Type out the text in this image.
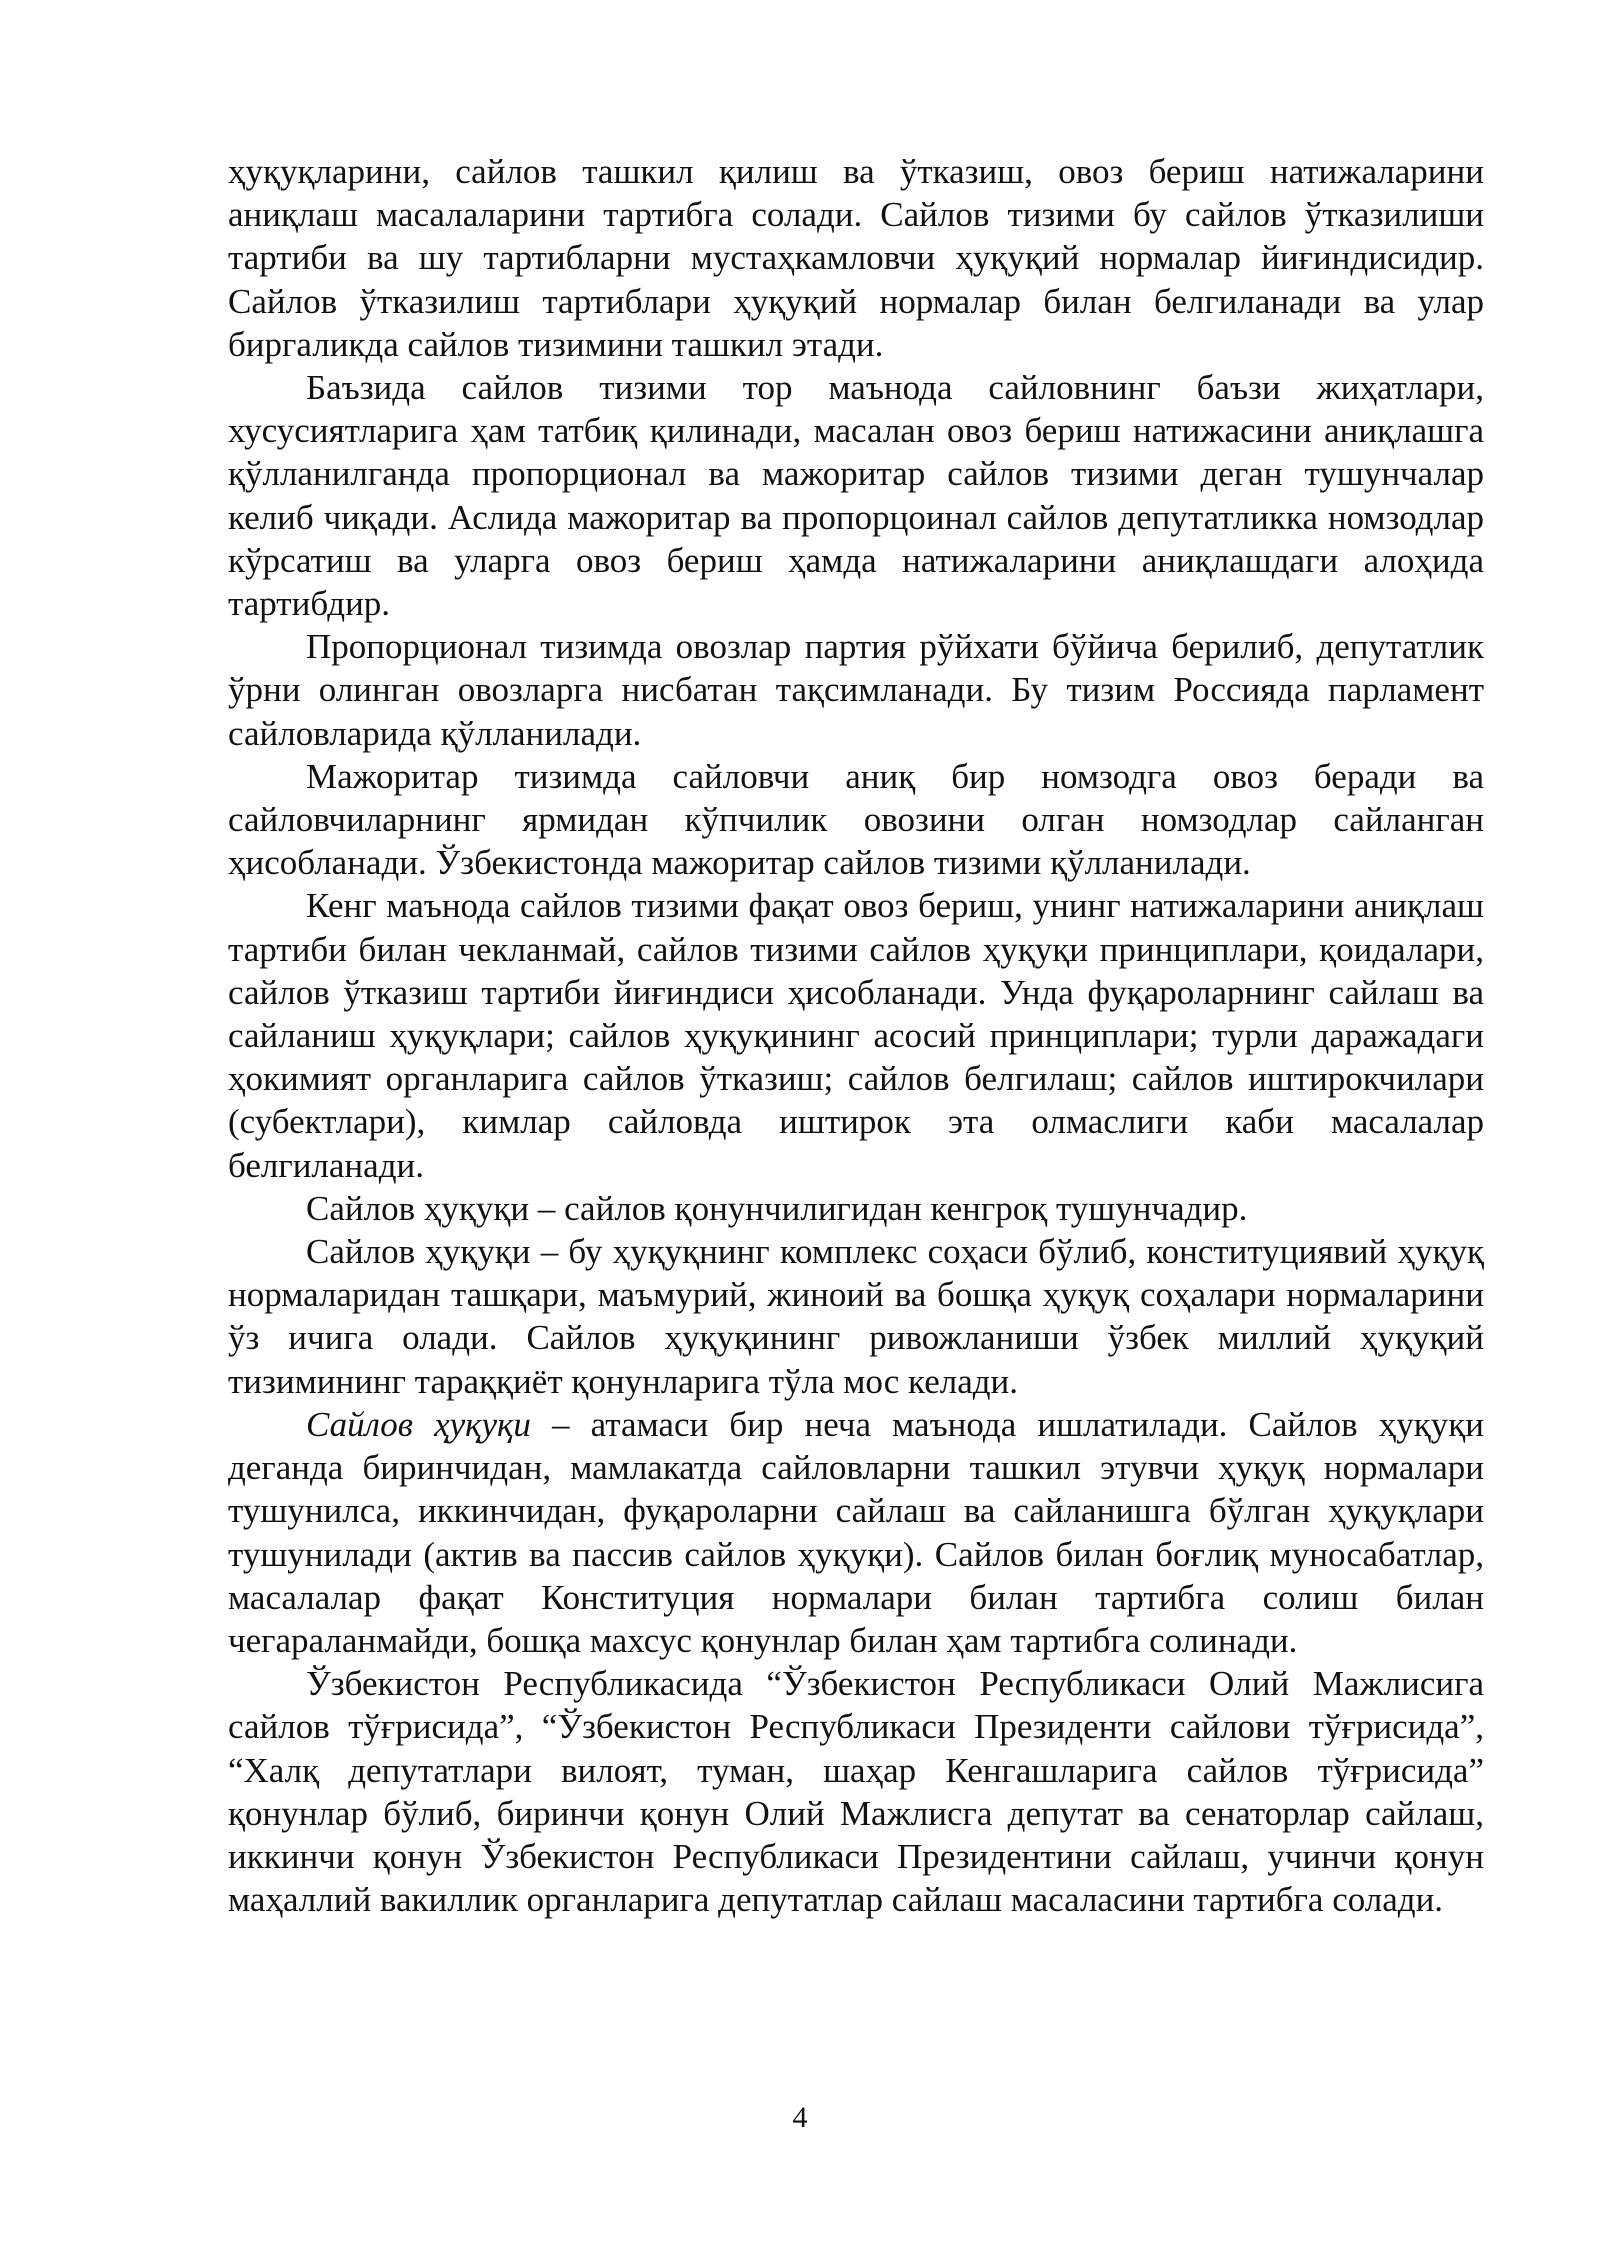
ҳуқуқларини, сайлов ташкил қилиш ва ўтказиш, овоз бериш натижаларини аниқлаш масалаларини тартибга солади. Сайлов тизими бу сайлов ўтказилиши тартиби ва шу тартибларни мустаҳкамловчи ҳуқуқий нормалар йиғиндисидир. Сайлов ўтказилиш тартиблари ҳуқуқий нормалар билан белгиланади ва улар биргаликда сайлов тизимини ташкил этади.

Баъзида сайлов тизими тор маънода сайловнинг баъзи жиҳатлари, хусусиятларига ҳам татбиқ қилинади, масалан овоз бериш натижасини аниқлашга қўлланилганда пропорционал ва мажоритар сайлов тизими деган тушунчалар келиб чиқади. Аслида мажоритар ва пропорцоинал сайлов депутатликка номзодлар кўрсатиш ва уларга овоз бериш ҳамда натижаларини аниқлашдаги алоҳида тартибдир.

Пропорционал тизимда овозлар партия рўйхати бўйича берилиб, депутатлик ўрни олинган овозларга нисбатан тақсимланади. Бу тизим Россияда парламент сайловларида қўлланилади.

Мажоритар тизимда сайловчи аниқ бир номзодга овоз беради ва сайловчиларнинг ярмидан кўпчилик овозини олган номзодлар сайланган ҳисобланади. Ўзбекистонда мажоритар сайлов тизими қўлланилади.

Кенг маънода сайлов тизими фақат овоз бериш, унинг натижаларини аниқлаш тартиби билан чекланмай, сайлов тизими сайлов ҳуқуқи принциплари, қоидалари, сайлов ўтказиш тартиби йиғиндиси ҳисобланади. Унда фуқароларнинг сайлаш ва сайланиш ҳуқуқлари; сайлов ҳуқуқининг асосий принциплари; турли даражадаги ҳокимият органларига сайлов ўтказиш; сайлов белгилаш; сайлов иштирокчилари (субектлари), кимлар сайловда иштирок эта олмаслиги каби масалалар белгиланади.

Сайлов ҳуқуқи – сайлов қонунчилигидан кенгроқ тушунчадир.

Сайлов ҳуқуқи – бу ҳуқуқнинг комплекс соҳаси бўлиб, конституциявий ҳуқуқ нормаларидан ташқари, маъмурий, жиноий ва бошқа ҳуқуқ соҳалари нормаларини ўз ичига олади. Сайлов ҳуқуқининг ривожланиши ўзбек миллий ҳуқуқий тизимининг тараққиёт қонунларига тўла мос келади.

Сайлов ҳуқуқи – атамаси бир неча маънода ишлатилади. Сайлов ҳуқуқи деганда биринчидан, мамлакатда сайловларни ташкил этувчи ҳуқуқ нормалари тушунилса, иккинчидан, фуқароларни сайлаш ва сайланишга бўлган ҳуқуқлари тушунилади (актив ва пассив сайлов ҳуқуқи). Сайлов билан боғлиқ муносабатлар, масалалар фақат Конституция нормалари билан тартибга солиш билан чегараланмайди, бошқа махсус қонунлар билан ҳам тартибга солинади.

Ўзбекистон Республикасида “Ўзбекистон Республикаси Олий Мажлисига сайлов тўғрисида”, “Ўзбекистон Республикаси Президенти сайлови тўғрисида”, “Халқ депутатлари вилоят, туман, шаҳар Кенгашларига сайлов тўғрисида” қонунлар бўлиб, биринчи қонун Олий Мажлисга депутат ва сенаторлар сайлаш, иккинчи қонун Ўзбекистон Республикаси Президентини сайлаш, учинчи қонун маҳаллий вакиллик органларига депутатлар сайлаш масаласини тартибга солади.

4
